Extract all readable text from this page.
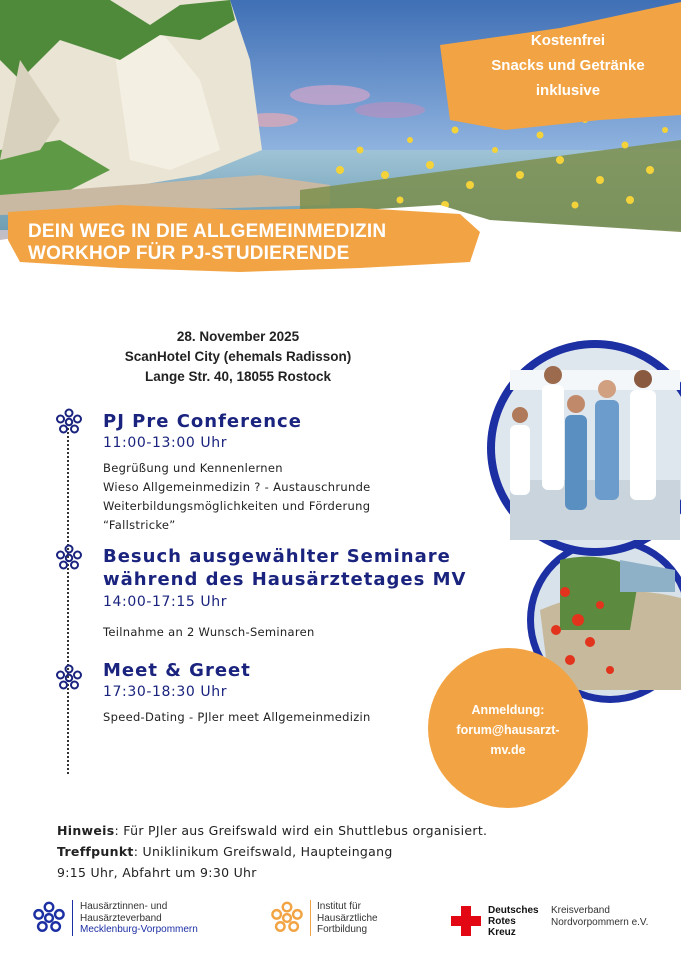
Kostenfrei
Snacks und Getränke
inklusive
DEIN WEG IN DIE ALLGEMEINMEDIZIN
WORKHOP FÜR PJ-STUDIERENDE
28. November 2025
ScanHotel City (ehemals Radisson)
Lange Str. 40, 18055 Rostock
PJ Pre Conference
11:00-13:00 Uhr
Begrüßung und Kennenlernen
Wieso Allgemeinmedizin ? - Austauschrunde
Weiterbildungsmöglichkeiten und Förderung
“Fallstricke”
Besuch ausgewählter Seminare
während des Hausärztetages MV
14:00-17:15 Uhr
Teilnahme an 2 Wunsch-Seminaren
Meet & Greet
17:30-18:30 Uhr
Speed-Dating - PJler meet Allgemeinmedizin	Anmeldung:
forum@hausarzt-
mv.de
Hinweis: Für PJler aus Greifswald wird ein Shuttlebus organisiert.
Treffpunkt: Uniklinikum Greifswald, Haupteingang
9:15 Uhr, Abfahrt um 9:30 Uhr
Hausärztinnen- und
Hausärzteverband
Mecklenburg-Vorpommern
Institut für
Hausärztliche
Fortbildung
Deutsches
Rotes
Kreuz
Kreisverband
Nordvorpommern e.V.
